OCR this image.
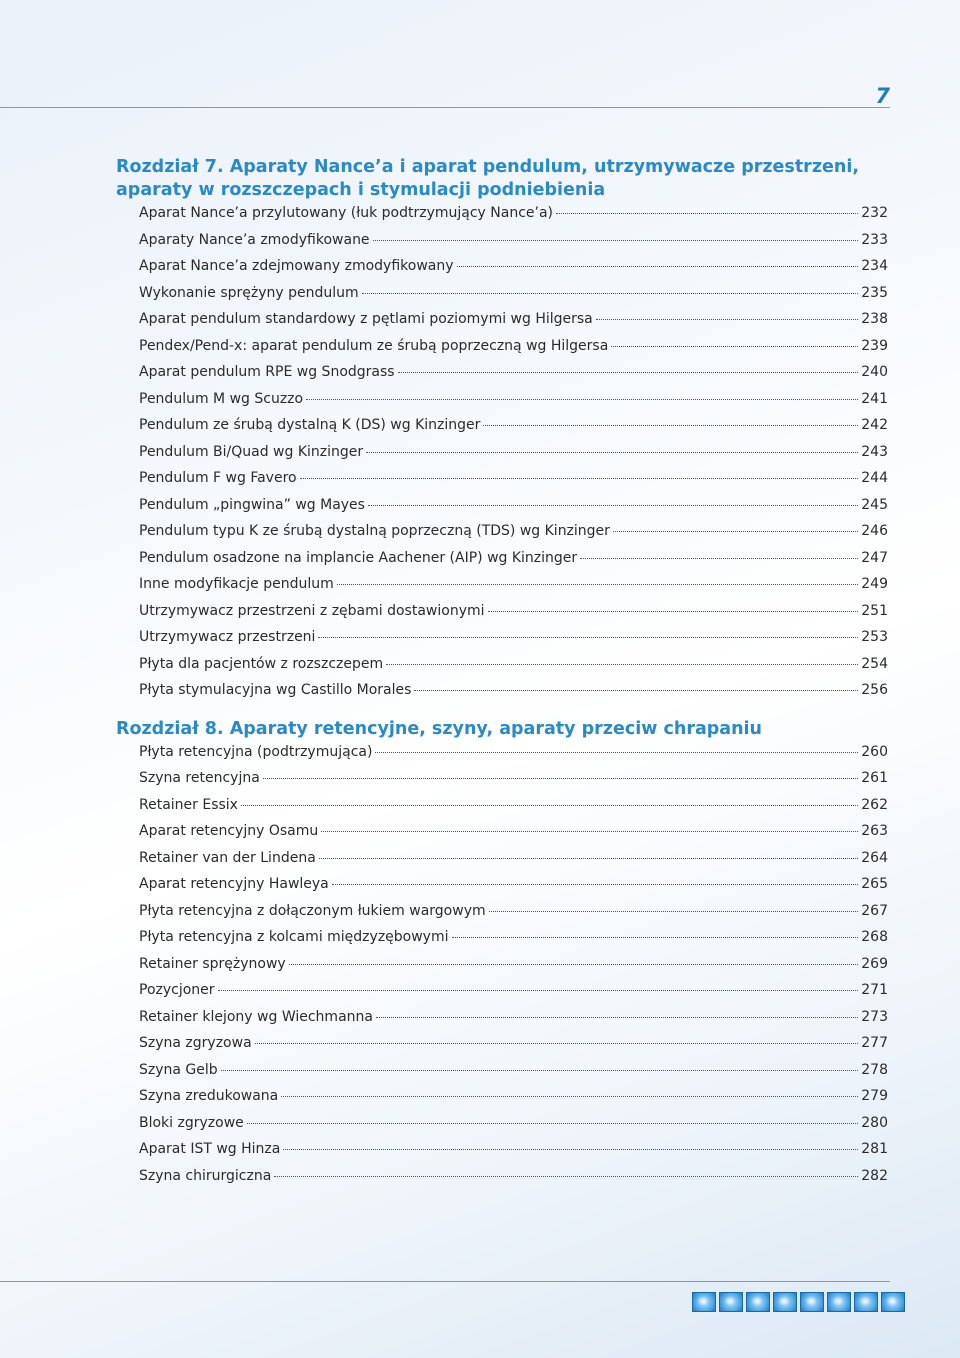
7
Rozdział 7. Aparaty Nance’a i aparat pendulum, utrzymywacze przestrzeni, aparaty w rozszczepach i stymulacji podniebienia
Aparat Nance’a przylutowany (łuk podtrzymujący Nance’a)	232
Aparaty Nance’a zmodyfikowane	233
Aparat Nance’a zdejmowany zmodyfikowany	234
Wykonanie sprężyny pendulum	235
Aparat pendulum standardowy z pętlami poziomymi wg Hilgersa	238
Pendex/Pend-x: aparat pendulum ze śrubą poprzeczną wg Hilgersa	239
Aparat pendulum RPE wg Snodgrass	240
Pendulum M wg Scuzzo	241
Pendulum ze śrubą dystalną K (DS) wg Kinzinger	242
Pendulum Bi/Quad wg Kinzinger	243
Pendulum F wg Favero	244
Pendulum „pingwina” wg Mayes	245
Pendulum typu K ze śrubą dystalną poprzeczną (TDS) wg Kinzinger	246
Pendulum osadzone na implancie Aachener (AIP) wg Kinzinger	247
Inne modyfikacje pendulum	249
Utrzymywacz przestrzeni z zębami dostawionymi	251
Utrzymywacz przestrzeni	253
Płyta dla pacjentów z rozszczepem	254
Płyta stymulacyjna wg Castillo Morales	256
Rozdział 8. Aparaty retencyjne, szyny, aparaty przeciw chrapaniu
Płyta retencyjna (podtrzymująca)	260
Szyna retencyjna	261
Retainer Essix	262
Aparat retencyjny Osamu	263
Retainer van der Lindena	264
Aparat retencyjny Hawleya	265
Płyta retencyjna z dołączonym łukiem wargowym	267
Płyta retencyjna z kolcami międzyzębowymi	268
Retainer sprężynowy	269
Pozycjoner	271
Retainer klejony wg Wiechmanna	273
Szyna zgryzowa	277
Szyna Gelb	278
Szyna zredukowana	279
Bloki zgryzowe	280
Aparat IST wg Hinza	281
Szyna chirurgiczna	282
